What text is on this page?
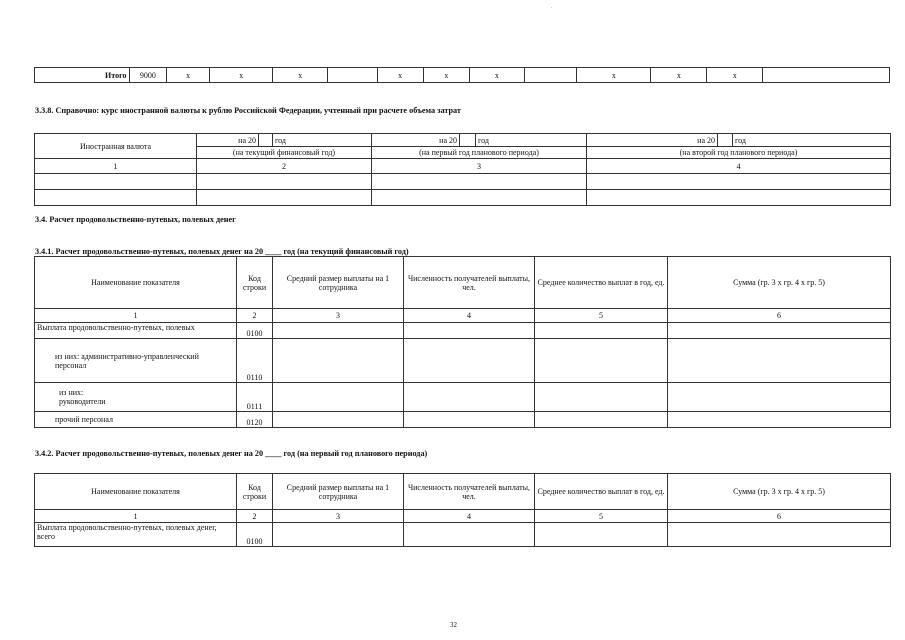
.
Итого	9000	x	x	x		x	x	x		x	x	x	
3.3.8. Справочно: курс иностранной валюты к рублю Российской Федерации, учтенный при расчете объема затрат
Иностранная валюта	на 20		год	на 20		год	на 20		год
	(на текущий финансовый год)			(на первый год планового периода)			(на второй год планового периода)		
1	2			3			4		

3.4. Расчет продовольственно-путевых, полевых денег
3.4.1. Расчет продовольственно-путевых, полевых денег на 20 ____ год (на текущий финансовый год)
Наименование показателя	Код строки	Средний размер выплаты на 1 сотрудника	Численность получателей выплаты, чел.	Среднее количество выплат в год, ед.	Сумма (гр. 3 x гр. 4 x гр. 5)
1	2	3	4	5	6
Выплата продовольственно-путевых, полевых	0100				
из них: административно-управленческий персонал	0110				
из них: руководители	0111				
прочий персонал	0120				
3.4.2. Расчет продовольственно-путевых, полевых денег на 20 ____ год (на первый год планового периода)
Наименование показателя	Код строки	Средний размер выплаты на 1 сотрудника	Численность получателей выплаты, чел.	Среднее количество выплат в год, ед.	Сумма (гр. 3 x гр. 4 x гр. 5)
1	2	3	4	5	6
Выплата продовольственно-путевых, полевых денег, всего	0100				
32
